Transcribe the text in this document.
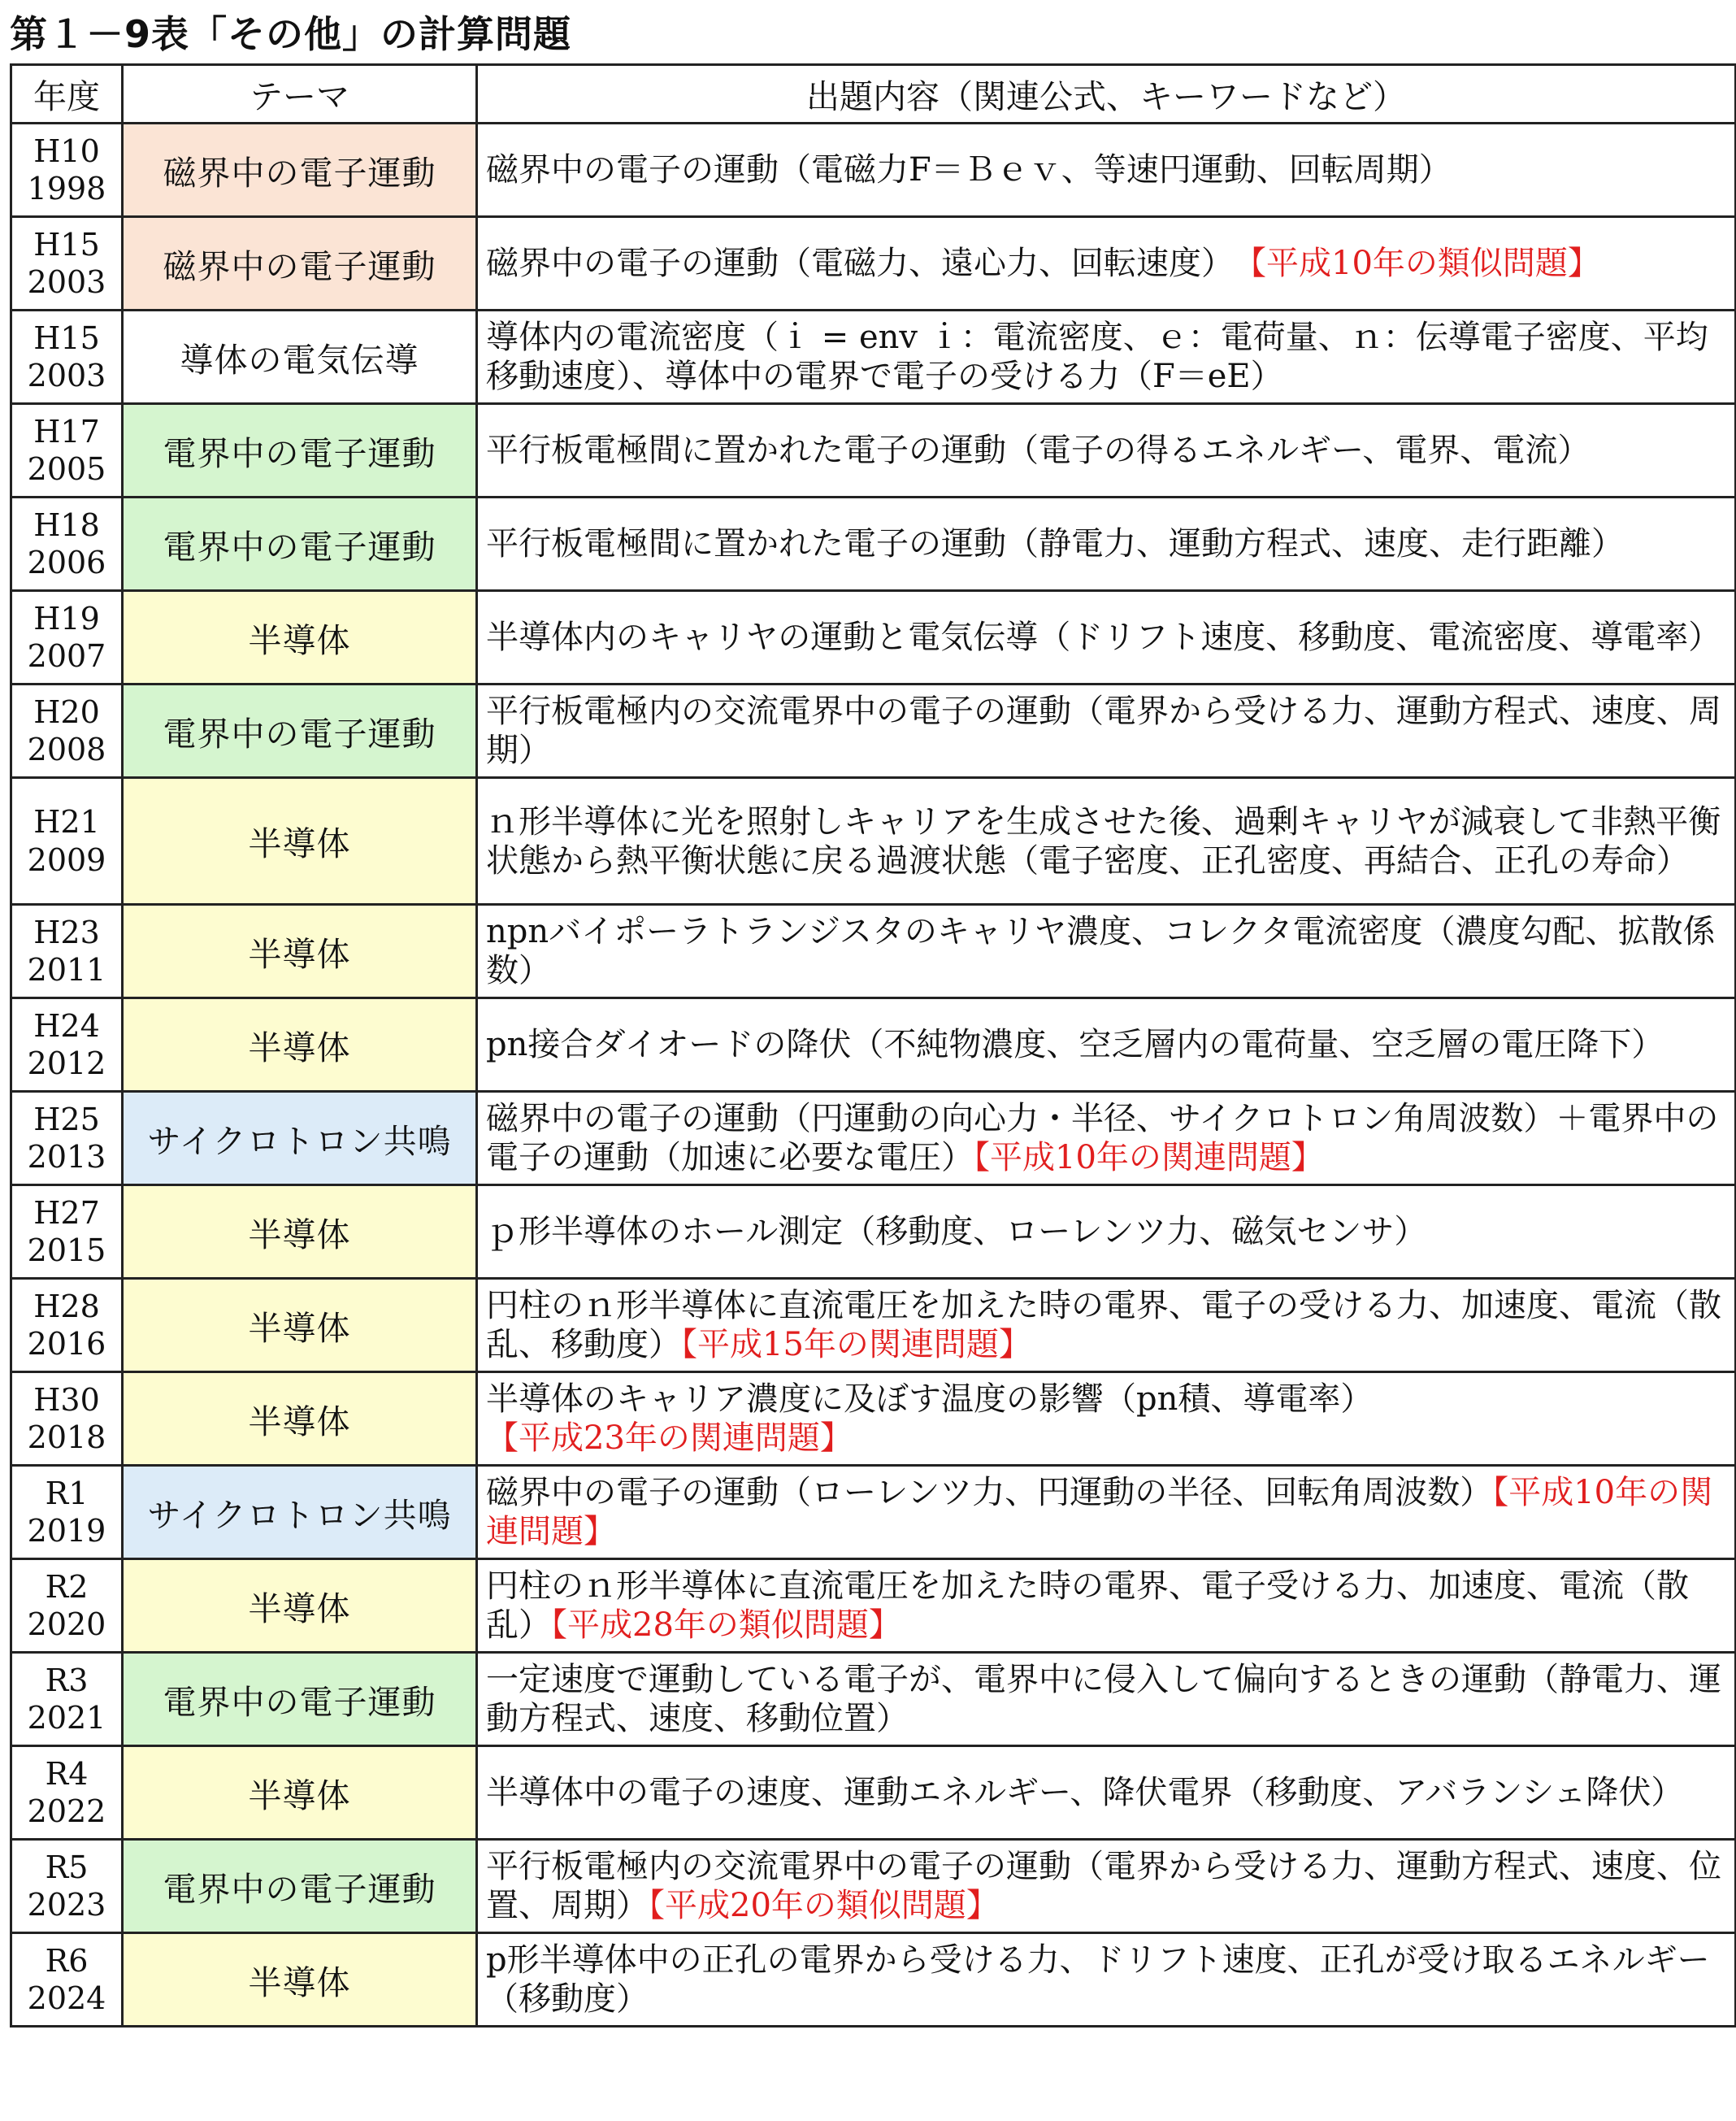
第１－9表「その他」の計算問題
年度	テーマ	出題内容（関連公式、キーワードなど）

H10
1998	磁界中の電子運動	磁界中の電子の運動（電磁力F＝Ｂｅｖ、等速円運動、回転周期）

H15
2003	磁界中の電子運動	磁界中の電子の運動（電磁力、遠心力、回転速度）　【平成10年の類似問題】

H15
2003	導体の電気伝導	導体内の電流密度（ｉ = env ｉ：電流密度、ｅ：電荷量、ｎ：伝導電子密度、平均移動速度）、導体中の電界で電子の受ける力（F＝eE）

H17
2005	電界中の電子運動	平行板電極間に置かれた電子の運動（電子の得るエネルギー、電界、電流）

H18
2006	電界中の電子運動	平行板電極間に置かれた電子の運動（静電力、運動方程式、速度、走行距離）

H19
2007	半導体	半導体内のキャリヤの運動と電気伝導（ドリフト速度、移動度、電流密度、導電率）

H20
2008	電界中の電子運動	平行板電極内の交流電界中の電子の運動（電界から受ける力、運動方程式、速度、周期）

H21
2009	半導体	ｎ形半導体に光を照射しキャリアを生成させた後、過剰キャリヤが減衰して非熱平衡状態から熱平衡状態に戻る過渡状態（電子密度、正孔密度、再結合、正孔の寿命）

H23
2011	半導体	npnバイポーラトランジスタのキャリヤ濃度、コレクタ電流密度（濃度勾配、拡散係数）

H24
2012	半導体	pn接合ダイオードの降伏（不純物濃度、空乏層内の電荷量、空乏層の電圧降下）

H25
2013	サイクロトロン共鳴	磁界中の電子の運動（円運動の向心力・半径、サイクロトロン角周波数）＋電界中の電子の運動（加速に必要な電圧）【平成10年の関連問題】

H27
2015	半導体	ｐ形半導体のホール測定（移動度、ローレンツ力、磁気センサ）

H28
2016	半導体	円柱のｎ形半導体に直流電圧を加えた時の電界、電子の受ける力、加速度、電流（散乱、移動度）【平成15年の関連問題】

H30
2018	半導体	半導体のキャリア濃度に及ぼす温度の影響（pn積、導電率）　【平成23年の関連問題】

R1
2019	サイクロトロン共鳴	磁界中の電子の運動（ローレンツ力、円運動の半径、回転角周波数）【平成10年の関連問題】

R2
2020	半導体	円柱のｎ形半導体に直流電圧を加えた時の電界、電子受ける力、加速度、電流（散乱）【平成28年の類似問題】

R3
2021	電界中の電子運動	一定速度で運動している電子が、電界中に侵入して偏向するときの運動（静電力、運動方程式、速度、移動位置）

R4
2022	半導体	半導体中の電子の速度、運動エネルギー、降伏電界（移動度、アバランシェ降伏）

R5
2023	電界中の電子運動	平行板電極内の交流電界中の電子の運動（電界から受ける力、運動方程式、速度、位置、周期）【平成20年の類似問題】

R6
2024	半導体	p形半導体中の正孔の電界から受ける力、ドリフト速度、正孔が受け取るエネルギー（移動度）
